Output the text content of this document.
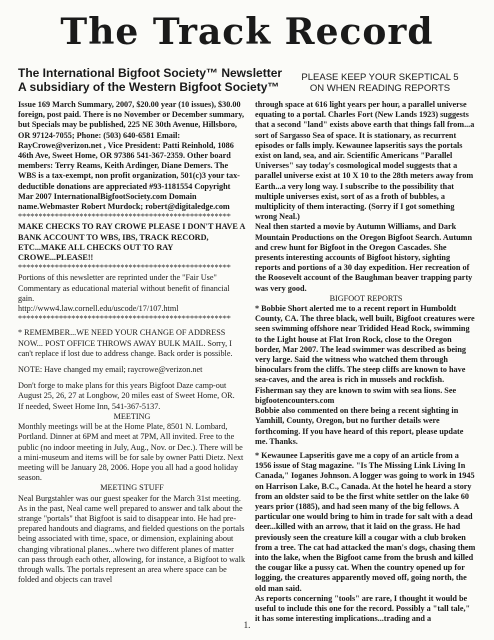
The Track Record
The International Bigfoot Society™ Newsletter
A subsidiary of the Western Bigfoot Society™
PLEASE KEEP YOUR SKEPTICAL 5
ON WHEN READING REPORTS

Issue 169 March Summary, 2007, $20.00 year (10 issues), $30.00 foreign, post paid. There is no November or December summary, but Specials may be published, 225 NE 30th Avenue, Hillsboro, OR 97124-7055; Phone: (503) 640-6581 Email: RayCrowe@verizon.net , Vice President: Patti Reinhold, 1086 46th Ave, Sweet Home, OR 97386 541-367-2359. Other board members: Terry Reams, Keith Ardinger, Diane Demers. The WBS is a tax-exempt, non profit organization, 501(c)3 your tax-deductible donations are appreciated #93-1181554 Copyright Mar 2007 InternationalBigfootSociety.com Domain name.Webmaster Robert Murdock; robert@digitaledge.com

****************************************************

MAKE CHECKS TO RAY CROWE PLEASE I DON'T HAVE A BANK ACCOUNT TO WBS, IBS, TRACK RECORD, ETC...MAKE ALL CHECKS OUT TO RAY CROWE...PLEASE!!

****************************************************

Portions of this newsletter are reprinted under the "Fair Use" Commentary as educational material without benefit of financial gain.

http://www4.law.cornell.edu/uscode/17/107.html

****************************************************

* REMEMBER...WE NEED YOUR CHANGE OF ADDRESS NOW... POST OFFICE THROWS AWAY BULK MAIL. Sorry, I can't replace if lost due to address change. Back order is possible.

NOTE: Have changed my email; raycrowe@verizon.net

Don't forge to make plans for this years Bigfoot Daze camp-out August 25, 26, 27 at Longbow, 20 miles east of Sweet Home, OR.

If needed, Sweet Home Inn, 541-367-5137.

MEETING

Monthly meetings will be at the Home Plate, 8501 N. Lombard, Portland. Dinner at 6PM and meet at 7PM, All invited. Free to the public (no indoor meeting in July, Aug., Nov. or Dec.). There will be a mini-museum and items will be for sale by owner Patti Dietz. Next meeting will be January 28, 2006. Hope you all had a good holiday season.

MEETING STUFF

Neal Burgstahler was our guest speaker for the March 31st meeting. As in the past, Neal came well prepared to answer and talk about the strange "portals" that Bigfoot is said to disappear into. He had pre-prepared handouts and diagrams, and fielded questions on the portals being associated with time, space, or dimension, explaining about changing vibrational planes...where two different planes of matter can pass through each other, allowing, for instance, a Bigfoot to walk through walls. The portals represent an area where space can be folded and objects can travel

through space at 616 light years per hour, a parallel universe equating to a portal. Charles Fort (New Lands 1923) suggests that a second "land" exists above earth that things fall from...a sort of Sargasso Sea of space. It is stationary, as recurrent episodes or falls imply. Kewaunee lapseritis says the portals exist on land, sea, and air. Scientific Americans "Parallel Universes" say today's cosmological model suggests that a parallel universe exist at 10 X 10 to the 28th meters away from Earth...a very long way. I subscribe to the possibility that multiple universes exist, sort of as a froth of bubbles, a multiplicity of them interacting. (Sorry if I got something wrong Neal.)

Neal then started a movie by Autumn Williams, and Dark Mountain Productions on the Oregon Bigfoot Search. Autumn and crew hunt for Bigfoot in the Oregon Cascades. She presents interesting accounts of Bigfoot history, sighting reports and portions of a 30 day expedition. Her recreation of the Roosevelt account of the Baughman beaver trapping party was very good.

BIGFOOT REPORTS

* Bobbie Short alerted me to a recent report in Humboldt County, CA. The three black, well built, Bigfoot creatures were seen swimming offshore near Tridided Head Rock, swimming to the Light house at Flat Iron Rock, close to the Oregon border, Mar 2007. The lead swimmer was described as being very large. Said the witness who watched them through binoculars from the cliffs. The steep cliffs are known to have sea-caves, and the area is rich in mussels and rockfish. Fisherman say they are known to swim with sea lions. See bigfootencounters.com

Bobbie also commented on there being a recent sighting in Yamhill, County, Oregon, but no further details were forthcoming. If you have heard of this report, please update me. Thanks.

* Kewaunee Lapseritis gave me a copy of an article from a 1956 issue of Stag magazine. "Is The Missing Link Living In Canada," Ioganes Johnson. A logger was going to work in 1945 on Harrison Lake, B.C., Canada. At the hotel he heard a story from an oldster said to be the first white settler on the lake 60 years prior (1885), and had seen many of the big fellows. A particular one would bring to him in trade for salt with a dead deer...killed with an arrow, that it laid on the grass. He had previously seen the creature kill a cougar with a club broken from a tree. The cat had attacked the man's dogs, chasing them into the lake, when the Bigfoot came from the brush and killed the cougar like a pussy cat. When the country opened up for logging, the creatures apparently moved off, going north, the old man said.

As reports concerning "tools" are rare, I thought it would be useful to include this one for the record. Possibly a "tall tale," it has some interesting implications...trading and a

1.
